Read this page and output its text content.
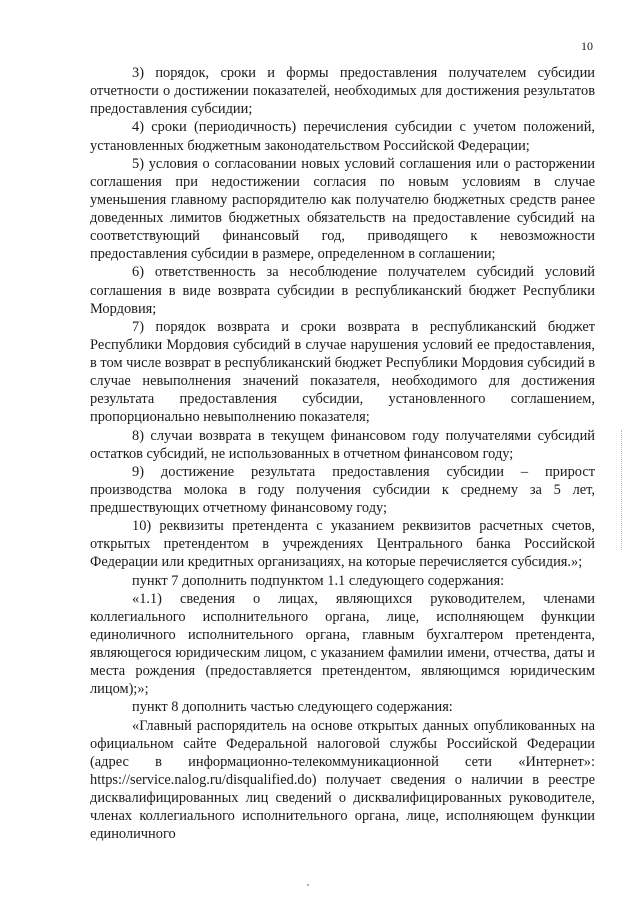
10

3) порядок, сроки и формы предоставления получателем субсидии отчетности о достижении показателей, необходимых для достижения результатов предоставления субсидии;

4) сроки (периодичность) перечисления субсидии с учетом положений, установленных бюджетным законодательством Российской Федерации;

5) условия о согласовании новых условий соглашения или о расторжении соглашения при недостижении согласия по новым условиям в случае уменьшения главному распорядителю как получателю бюджетных средств ранее доведенных лимитов бюджетных обязательств на предоставление субсидий на соответствующий финансовый год, приводящего к невозможности предоставления субсидии в размере, определенном в соглашении;

6) ответственность за несоблюдение получателем субсидий условий соглашения в виде возврата субсидии в республиканский бюджет Республики Мордовия;

7) порядок возврата и сроки возврата в республиканский бюджет Республики Мордовия субсидий в случае нарушения условий ее предоставления, в том числе возврат в республиканский бюджет Республики Мордовия субсидий в случае невыполнения значений показателя, необходимого для достижения результата предоставления субсидии, установленного соглашением, пропорционально невыполнению показателя;

8) случаи возврата в текущем финансовом году получателями субсидий остатков субсидий, не использованных в отчетном финансовом году;

9) достижение результата предоставления субсидии – прирост производства молока в году получения субсидии к среднему за 5 лет, предшествующих отчетному финансовому году;

10) реквизиты претендента с указанием реквизитов расчетных счетов, открытых претендентом в учреждениях Центрального банка Российской Федерации или кредитных организациях, на которые перечисляется субсидия.»;

пункт 7 дополнить подпунктом 1.1 следующего содержания:

«1.1) сведения о лицах, являющихся руководителем, членами коллегиального исполнительного органа, лице, исполняющем функции единоличного исполнительного органа, главным бухгалтером претендента, являющегося юридическим лицом, с указанием фамилии имени, отчества, даты и места рождения (предоставляется претендентом, являющимся юридическим лицом);»;

пункт 8 дополнить частью следующего содержания:

«Главный распорядитель на основе открытых данных опубликованных на официальном сайте Федеральной налоговой службы Российской Федерации (адрес в информационно-телекоммуникационной сети «Интернет»: https://service.nalog.ru/disqualified.do) получает сведения о наличии в реестре дисквалифицированных лиц сведений о дисквалифицированных руководителе, членах коллегиального исполнительного органа, лице, исполняющем функции единоличного
